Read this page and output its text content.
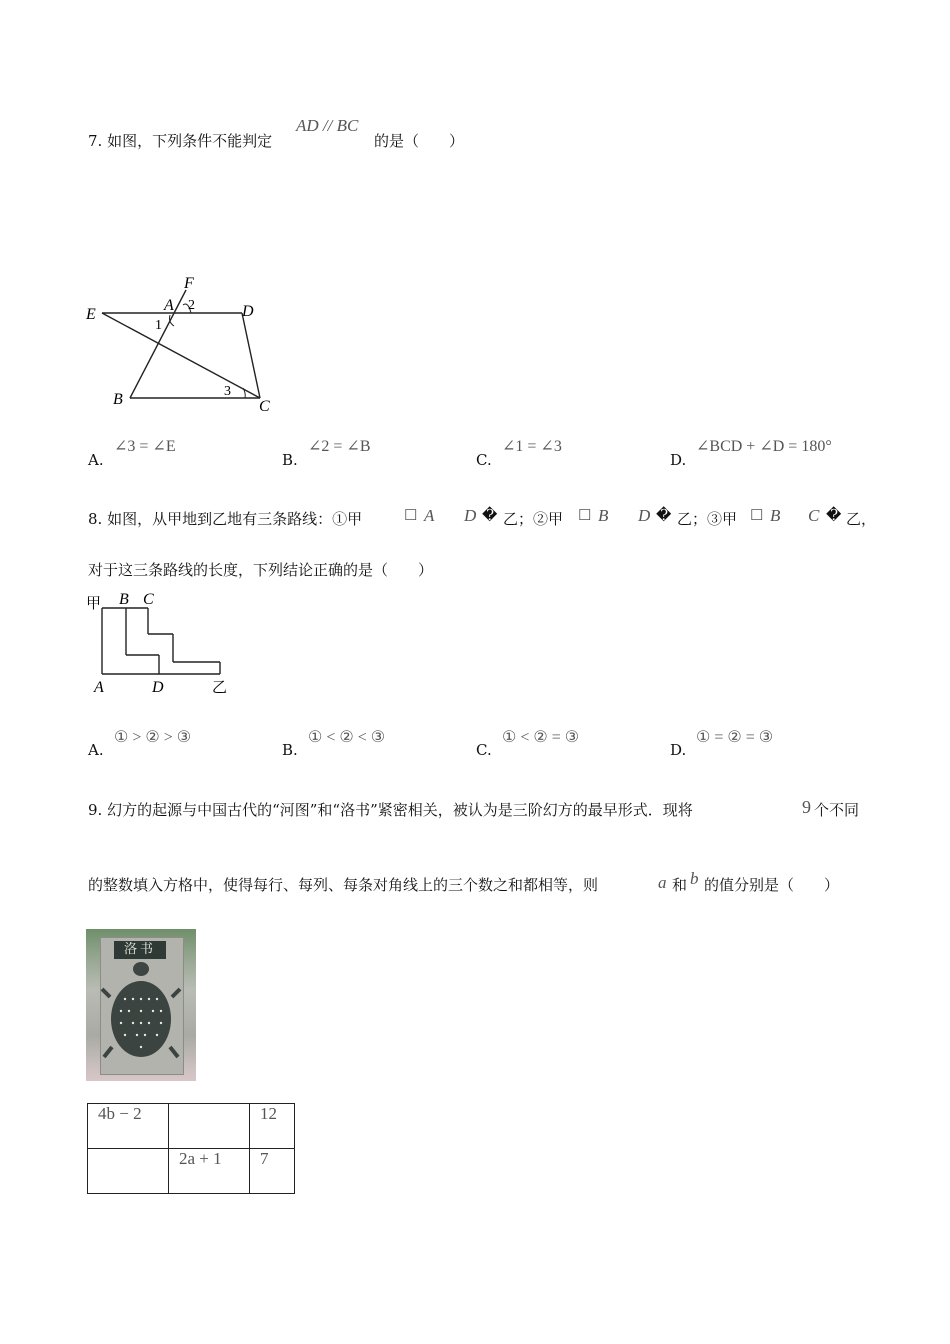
7. 如图，下列条件不能判定
AD // BC
的是（　　）
F
A 2	D
E
1
B	3
C
A.
∠3 = ∠E
B.
∠2 = ∠B
C.
∠1 = ∠3
D.
∠BCD + ∠D = 180°
8. 如图，从甲地到乙地有三条路线：①甲	☐ A D � 乙；②甲 ☐ B D � 乙；③甲 ☐ B C � 乙，
对于这三条路线的长度，下列结论正确的是（　　）
甲 B C
A	D	乙
A.
① > ② > ③
B.
① < ② < ③
C.
① < ② = ③
D.
① = ② = ③
9. 幻方的起源与中国古代的“河图”和“洛书”紧密相关，被认为是三阶幻方的最早形式．现将	9 个不同
的整数填入方格中，使得每行、每列、每条对角线上的三个数之和都相等，则	a 和 b 的值分别是（　　）
洛书
4b − 2		12
	2a + 1	7
